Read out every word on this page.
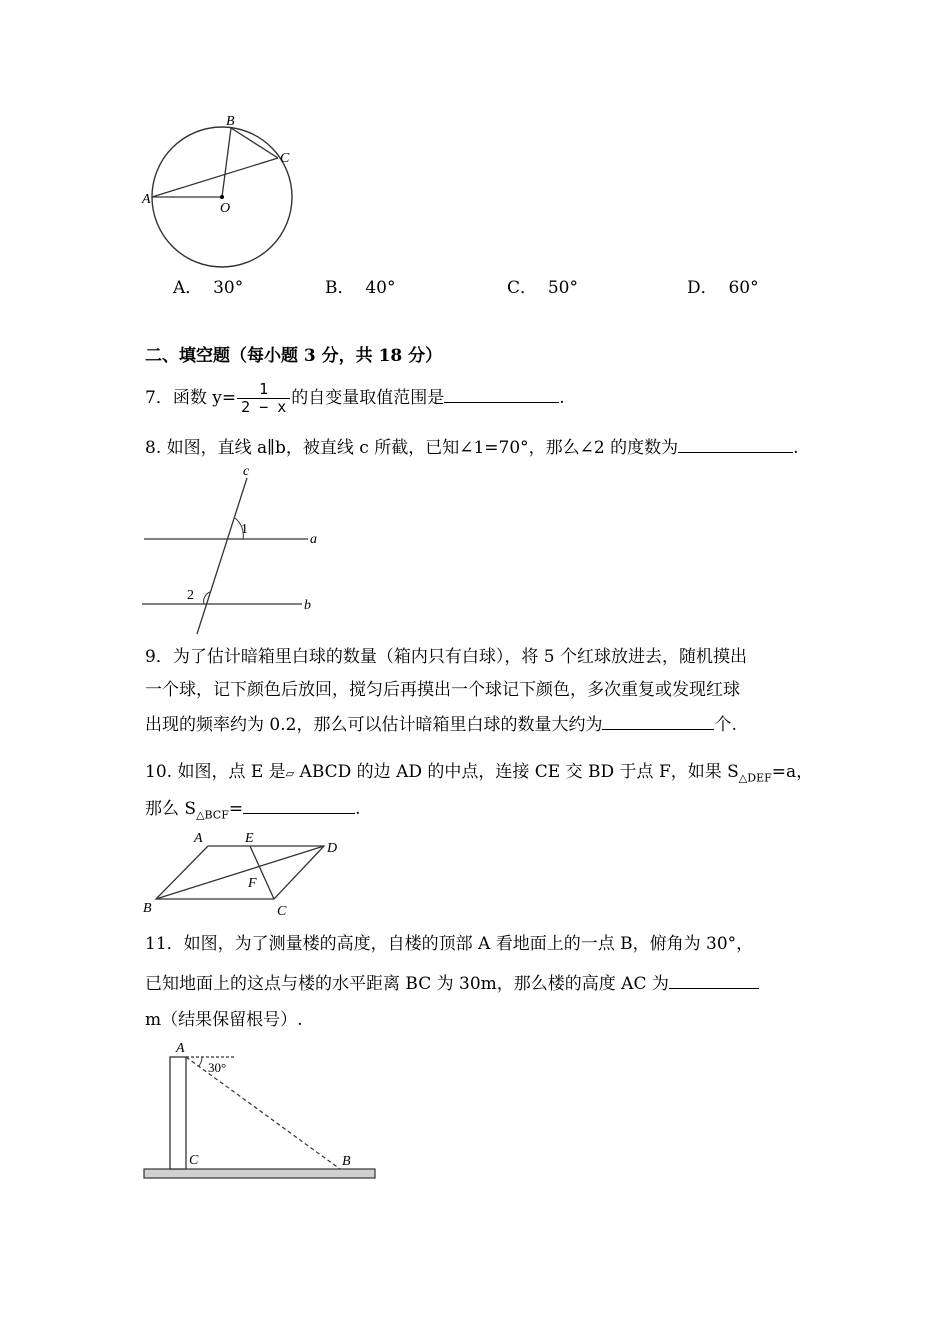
A
B
C
O
A． 30°	B． 40°	C． 50°	D． 60°
二、填空题（每小题 3 分，共 18 分）
7．函数 $y= \frac{1}{2 - x}$ 的自变量取值范围是	.
8. 如图，直线 a∥b，被直线 c 所截，已知∠1=70°，那么∠2 的度数为	.
c
a
b
1
2
9．为了估计暗箱里白球的数量（箱内只有白球），将 5 个红球放进去，随机摸出
一个球，记下颜色后放回，搅匀后再摸出一个球记下颜色，多次重复或发现红球
出现的频率约为 0.2，那么可以估计暗箱里白球的数量大约为	个.
10. 如图，点 E 是▱ ABCD 的边 AD 的中点，连接 CE 交 BD 于点 F，如果 $S_{\triangle DEF}=a$，
那么 $S_{\triangle BCF}=$	.
A	E
D
F
B	C
11．如图，为了测量楼的高度，自楼的顶部 A 看地面上的一点 B，俯角为 30°，
已知地面上的这点与楼的水平距离 BC 为 30m，那么楼的高度 AC 为
m（结果保留根号）.
A
30°
C	B
